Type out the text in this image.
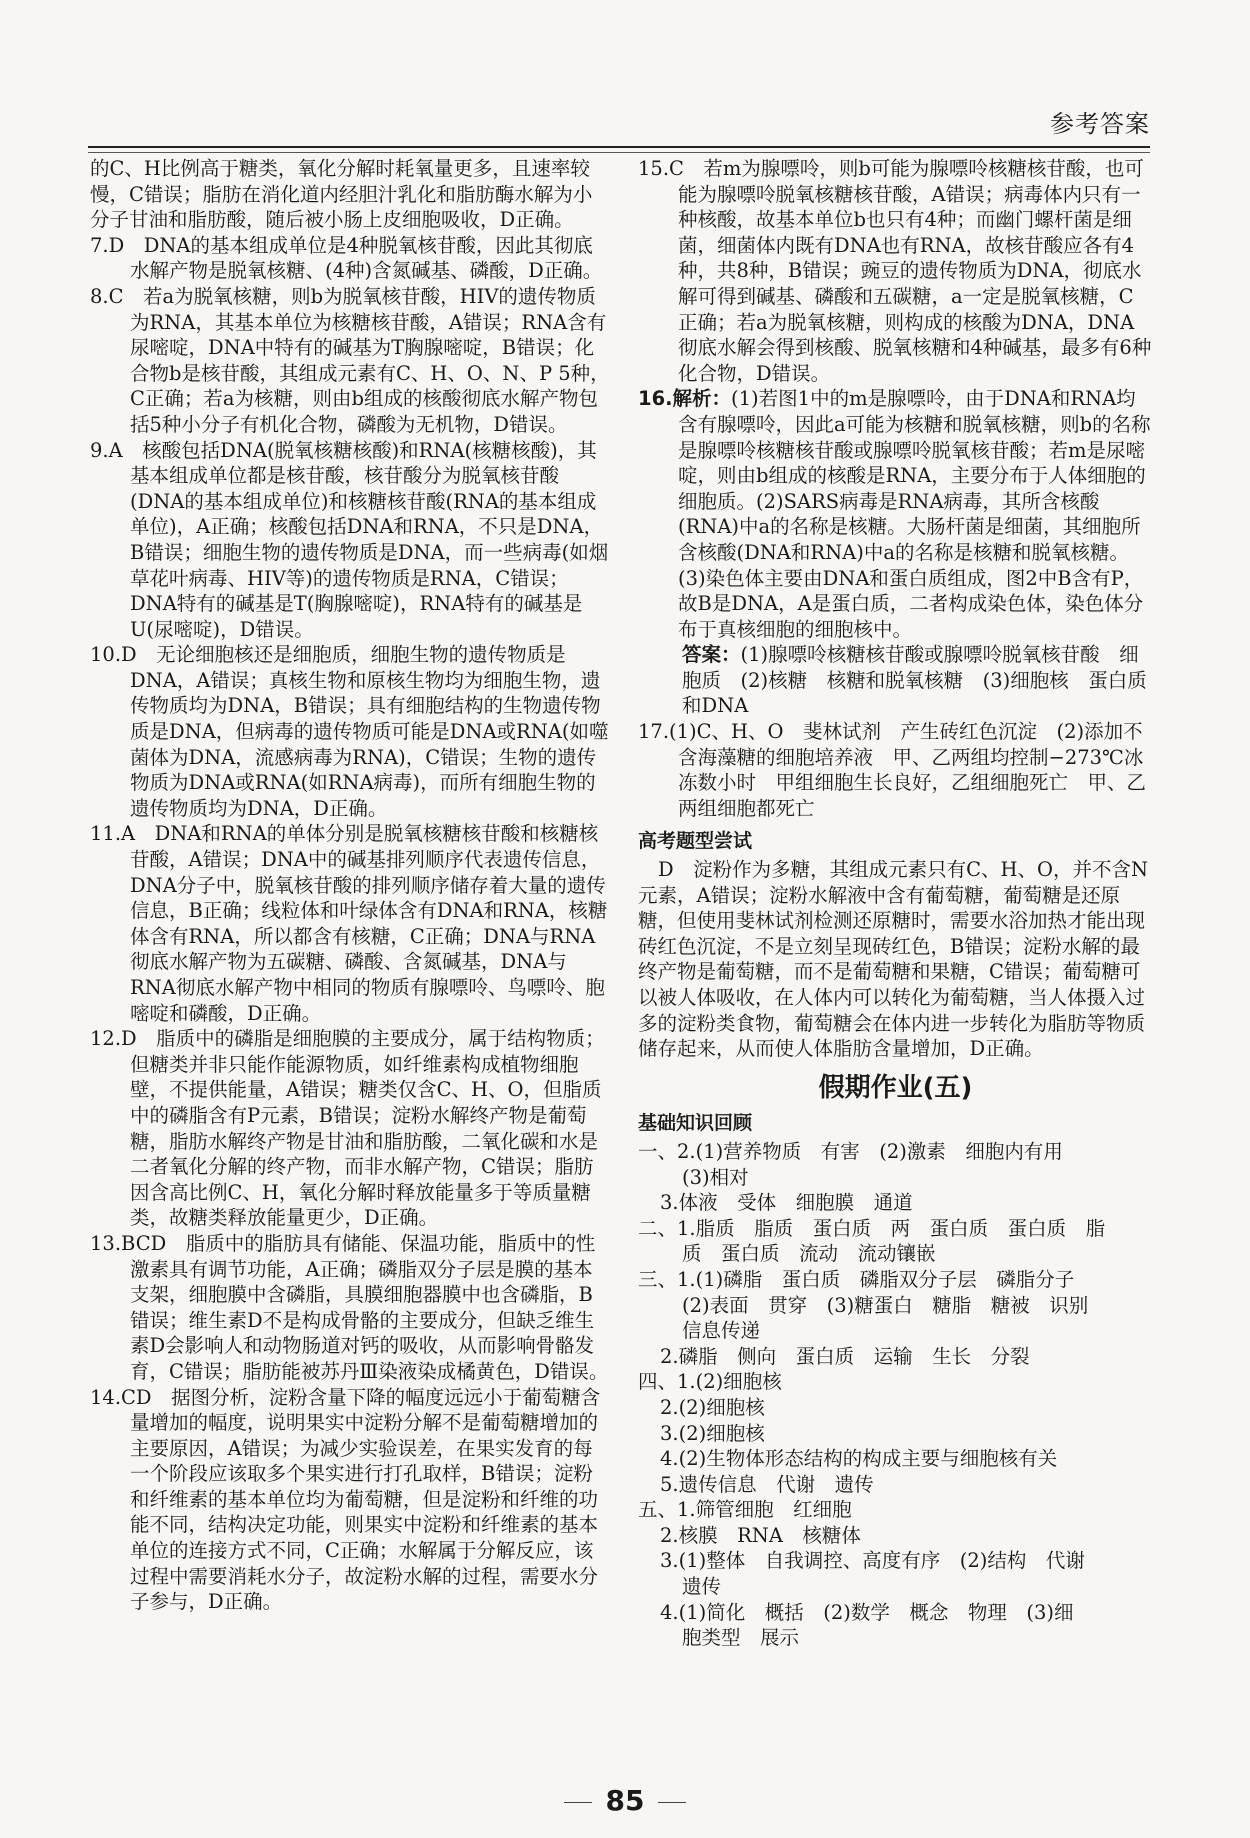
参考答案

的C、H比例高于糖类，氧化分解时耗氧量更多，且速率较慢，C错误；脂肪在消化道内经胆汁乳化和脂肪酶水解为小分子甘油和脂肪酸，随后被小肠上皮细胞吸收，D正确。

7.D　DNA的基本组成单位是4种脱氧核苷酸，因此其彻底水解产物是脱氧核糖、(4种)含氮碱基、磷酸，D正确。

8.C　若a为脱氧核糖，则b为脱氧核苷酸，HIV的遗传物质为RNA，其基本单位为核糖核苷酸，A错误；RNA含有尿嘧啶，DNA中特有的碱基为T胸腺嘧啶，B错误；化合物b是核苷酸，其组成元素有C、H、O、N、P 5种，C正确；若a为核糖，则由b组成的核酸彻底水解产物包括5种小分子有机化合物，磷酸为无机物，D错误。

9.A　核酸包括DNA(脱氧核糖核酸)和RNA(核糖核酸)，其基本组成单位都是核苷酸，核苷酸分为脱氧核苷酸(DNA的基本组成单位)和核糖核苷酸(RNA的基本组成单位)，A正确；核酸包括DNA和RNA，不只是DNA，B错误；细胞生物的遗传物质是DNA，而一些病毒(如烟草花叶病毒、HIV等)的遗传物质是RNA，C错误；DNA特有的碱基是T(胸腺嘧啶)，RNA特有的碱基是U(尿嘧啶)，D错误。

10.D　无论细胞核还是细胞质，细胞生物的遗传物质是DNA，A错误；真核生物和原核生物均为细胞生物，遗传物质均为DNA，B错误；具有细胞结构的生物遗传物质是DNA，但病毒的遗传物质可能是DNA或RNA(如噬菌体为DNA，流感病毒为RNA)，C错误；生物的遗传物质为DNA或RNA(如RNA病毒)，而所有细胞生物的遗传物质均为DNA，D正确。

11.A　DNA和RNA的单体分别是脱氧核糖核苷酸和核糖核苷酸，A错误；DNA中的碱基排列顺序代表遗传信息，DNA分子中，脱氧核苷酸的排列顺序储存着大量的遗传信息，B正确；线粒体和叶绿体含有DNA和RNA，核糖体含有RNA，所以都含有核糖，C正确；DNA与RNA彻底水解产物为五碳糖、磷酸、含氮碱基，DNA与RNA彻底水解产物中相同的物质有腺嘌呤、鸟嘌呤、胞嘧啶和磷酸，D正确。

12.D　脂质中的磷脂是细胞膜的主要成分，属于结构物质；但糖类并非只能作能源物质，如纤维素构成植物细胞壁，不提供能量，A错误；糖类仅含C、H、O，但脂质中的磷脂含有P元素，B错误；淀粉水解终产物是葡萄糖，脂肪水解终产物是甘油和脂肪酸，二氧化碳和水是二者氧化分解的终产物，而非水解产物，C错误；脂肪因含高比例C、H，氧化分解时释放能量多于等质量糖类，故糖类释放能量更少，D正确。

13.BCD　脂质中的脂肪具有储能、保温功能，脂质中的性激素具有调节功能，A正确；磷脂双分子层是膜的基本支架，细胞膜中含磷脂，具膜细胞器膜中也含磷脂，B错误；维生素D不是构成骨骼的主要成分，但缺乏维生素D会影响人和动物肠道对钙的吸收，从而影响骨骼发育，C错误；脂肪能被苏丹Ⅲ染液染成橘黄色，D错误。

14.CD　据图分析，淀粉含量下降的幅度远远小于葡萄糖含量增加的幅度，说明果实中淀粉分解不是葡萄糖增加的主要原因，A错误；为减少实验误差，在果实发育的每一个阶段应该取多个果实进行打孔取样，B错误；淀粉和纤维素的基本单位均为葡萄糖，但是淀粉和纤维的功能不同，结构决定功能，则果实中淀粉和纤维素的基本单位的连接方式不同，C正确；水解属于分解反应，该过程中需要消耗水分子，故淀粉水解的过程，需要水分子参与，D正确。

15.C　若m为腺嘌呤，则b可能为腺嘌呤核糖核苷酸，也可能为腺嘌呤脱氧核糖核苷酸，A错误；病毒体内只有一种核酸，故基本单位b也只有4种；而幽门螺杆菌是细菌，细菌体内既有DNA也有RNA，故核苷酸应各有4种，共8种，B错误；豌豆的遗传物质为DNA，彻底水解可得到碱基、磷酸和五碳糖，a一定是脱氧核糖，C正确；若a为脱氧核糖，则构成的核酸为DNA，DNA彻底水解会得到核酸、脱氧核糖和4种碱基，最多有6种化合物，D错误。

16.解析：(1)若图1中的m是腺嘌呤，由于DNA和RNA均含有腺嘌呤，因此a可能为核糖和脱氧核糖，则b的名称是腺嘌呤核糖核苷酸或腺嘌呤脱氧核苷酸；若m是尿嘧啶，则由b组成的核酸是RNA，主要分布于人体细胞的细胞质。(2)SARS病毒是RNA病毒，其所含核酸(RNA)中a的名称是核糖。大肠杆菌是细菌，其细胞所含核酸(DNA和RNA)中a的名称是核糖和脱氧核糖。(3)染色体主要由DNA和蛋白质组成，图2中B含有P，故B是DNA，A是蛋白质，二者构成染色体，染色体分布于真核细胞的细胞核中。

答案：(1)腺嘌呤核糖核苷酸或腺嘌呤脱氧核苷酸　细胞质　(2)核糖　核糖和脱氧核糖　(3)细胞核　蛋白质和DNA

17.(1)C、H、O　斐林试剂　产生砖红色沉淀　(2)添加不含海藻糖的细胞培养液　甲、乙两组均控制−273℃冰冻数小时　甲组细胞生长良好，乙组细胞死亡　甲、乙两组细胞都死亡

高考题型尝试

D　淀粉作为多糖，其组成元素只有C、H、O，并不含N元素，A错误；淀粉水解液中含有葡萄糖，葡萄糖是还原糖，但使用斐林试剂检测还原糖时，需要水浴加热才能出现砖红色沉淀，不是立刻呈现砖红色，B错误；淀粉水解的最终产物是葡萄糖，而不是葡萄糖和果糖，C错误；葡萄糖可以被人体吸收，在人体内可以转化为葡萄糖，当人体摄入过多的淀粉类食物，葡萄糖会在体内进一步转化为脂肪等物质储存起来，从而使人体脂肪含量增加，D正确。

假期作业(五)
基础知识回顾
一、2.(1)营养物质　有害　(2)激素　细胞内有用
(3)相对
3.体液　受体　细胞膜　通道
二、1.脂质　脂质　蛋白质　两　蛋白质　蛋白质　脂
质　蛋白质　流动　流动镶嵌
三、1.(1)磷脂　蛋白质　磷脂双分子层　磷脂分子
(2)表面　贯穿　(3)糖蛋白　糖脂　糖被　识别
信息传递
2.磷脂　侧向　蛋白质　运输　生长　分裂
四、1.(2)细胞核
2.(2)细胞核
3.(2)细胞核
4.(2)生物体形态结构的构成主要与细胞核有关
5.遗传信息　代谢　遗传
五、1.筛管细胞　红细胞
2.核膜　RNA　核糖体
3.(1)整体　自我调控、高度有序　(2)结构　代谢
遗传
4.(1)简化　概括　(2)数学　概念　物理　(3)细
胞类型　展示
85
